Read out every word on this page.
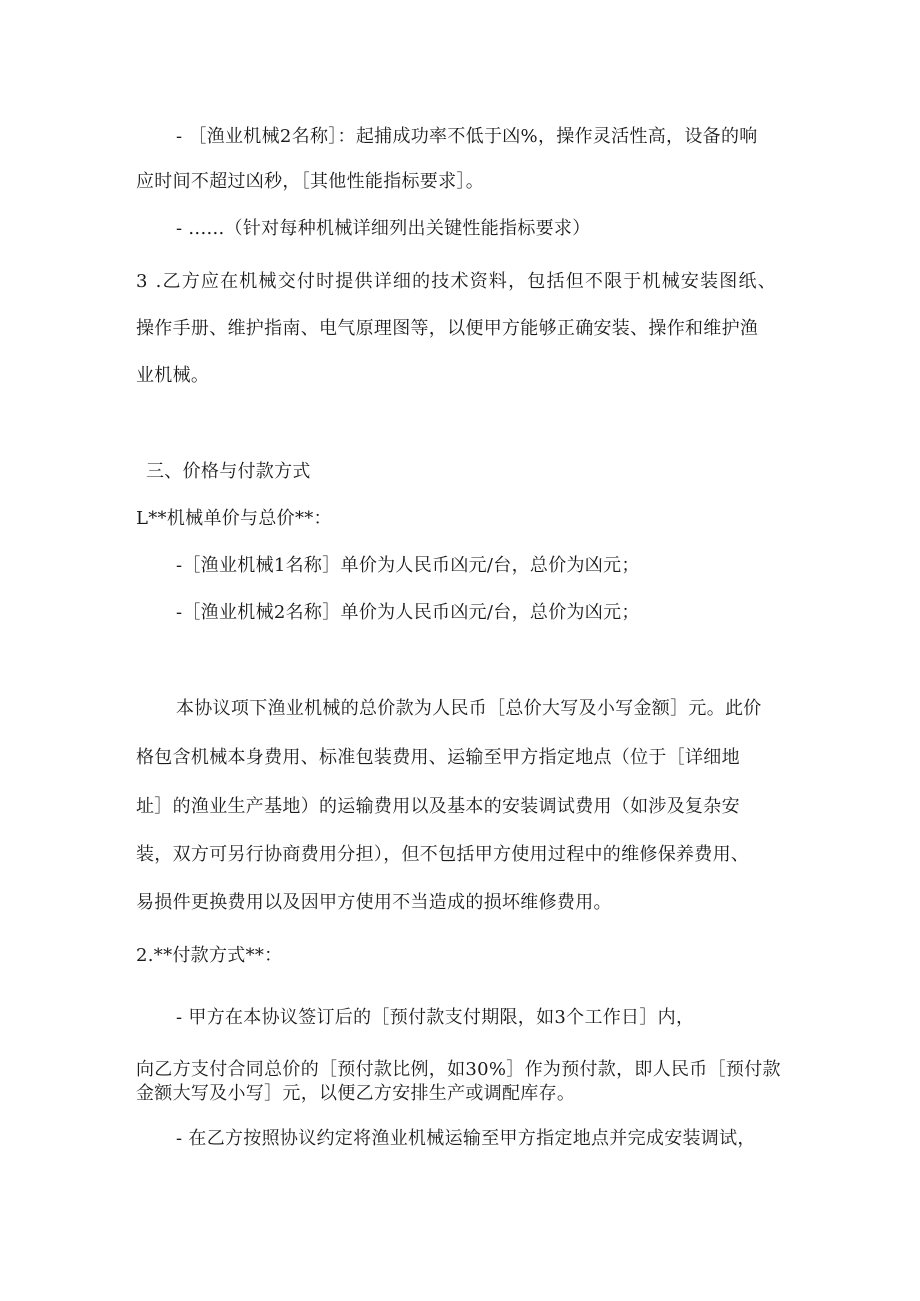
- ［渔业机械2名称］：起捕成功率不低于凶%，操作灵活性高，设备的响
应时间不超过凶秒，［其他性能指标要求］。
- ......（针对每种机械详细列出关键性能指标要求）
3 .乙方应在机械交付时提供详细的技术资料，包括但不限于机械安装图纸、
操作手册、维护指南、电气原理图等，以便甲方能够正确安装、操作和维护渔
业机械。
三、价格与付款方式
L**机械单价与总价**：
-［渔业机械1名称］单价为人民币凶元/台，总价为凶元；
-［渔业机械2名称］单价为人民币凶元/台，总价为凶元；
本协议项下渔业机械的总价款为人民币［总价大写及小写金额］元。此价
格包含机械本身费用、标准包装费用、运输至甲方指定地点（位于［详细地
址］的渔业生产基地）的运输费用以及基本的安装调试费用（如涉及复杂安
装，双方可另行协商费用分担），但不包括甲方使用过程中的维修保养费用、
易损件更换费用以及因甲方使用不当造成的损坏维修费用。
2.**付款方式**：
- 甲方在本协议签订后的［预付款支付期限，如3个工作日］内，
向乙方支付合同总价的［预付款比例，如30%］作为预付款，即人民币［预付款
金额大写及小写］元，以便乙方安排生产或调配库存。
- 在乙方按照协议约定将渔业机械运输至甲方指定地点并完成安装调试，
